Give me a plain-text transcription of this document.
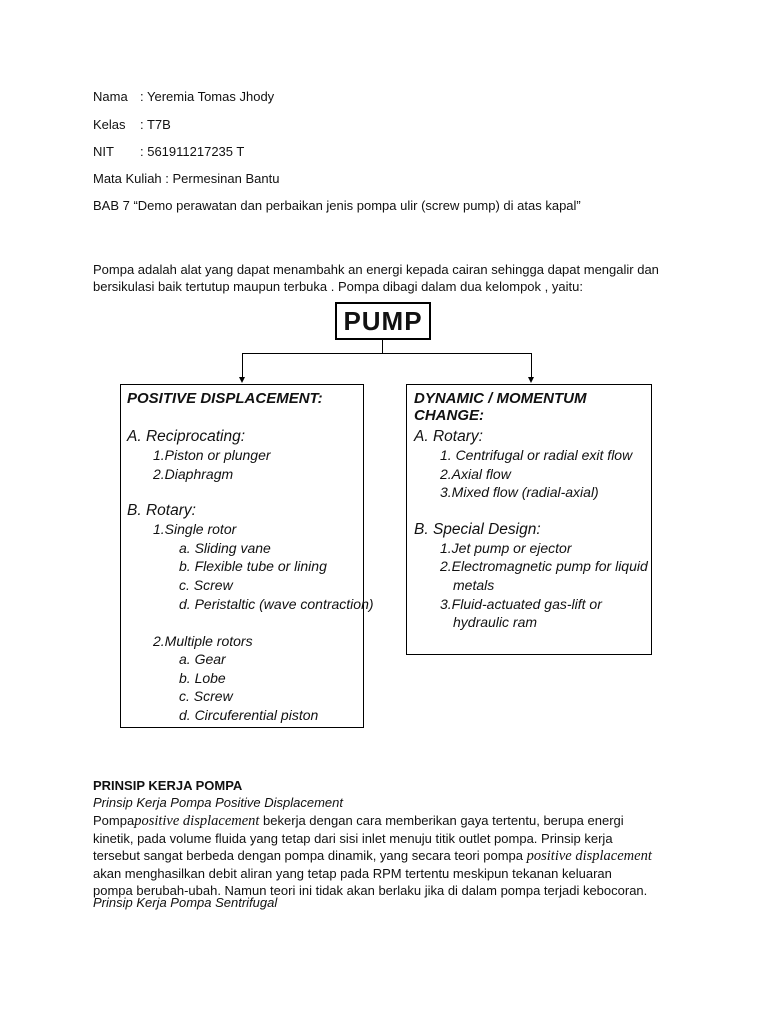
Nama : Yeremia Tomas Jhody
Kelas : T7B
NIT : 561911217235 T
Mata Kuliah : Permesinan Bantu
BAB 7 “Demo perawatan dan perbaikan jenis pompa ulir (screw pump) di atas kapal”
Pompa adalah alat yang dapat menambahk an energi kepada cairan sehingga dapat mengalir dan bersikulasi baik tertutup maupun terbuka . Pompa dibagi dalam dua kelompok , yaitu:
PUMP
POSITIVE DISPLACEMENT:
A. Reciprocating:
1.Piston or plunger
2.Diaphragm
B. Rotary:
1.Single rotor
a. Sliding vane
b. Flexible tube or lining
c. Screw
d. Peristaltic (wave contraction)
2.Multiple rotors
a. Gear
b. Lobe
c. Screw
d. Circuferential piston
DYNAMIC / MOMENTUM CHANGE:
A. Rotary:
1. Centrifugal or radial exit flow
2.Axial flow
3.Mixed flow (radial-axial)
B. Special Design:
1.Jet pump or ejector
2.Electromagnetic pump for liquid
metals
3.Fluid-actuated gas-lift or
hydraulic ram
PRINSIP KERJA POMPA
Prinsip Kerja Pompa Positive Displacement
Pompapositive displacement bekerja dengan cara memberikan gaya tertentu, berupa energi kinetik, pada volume fluida yang tetap dari sisi inlet menuju titik outlet pompa. Prinsip kerja tersebut sangat berbeda dengan pompa dinamik, yang secara teori pompa positive displacement akan menghasilkan debit aliran yang tetap pada RPM tertentu meskipun tekanan keluaran pompa berubah-ubah. Namun teori ini tidak akan berlaku jika di dalam pompa terjadi kebocoran.
Prinsip Kerja Pompa Sentrifugal
